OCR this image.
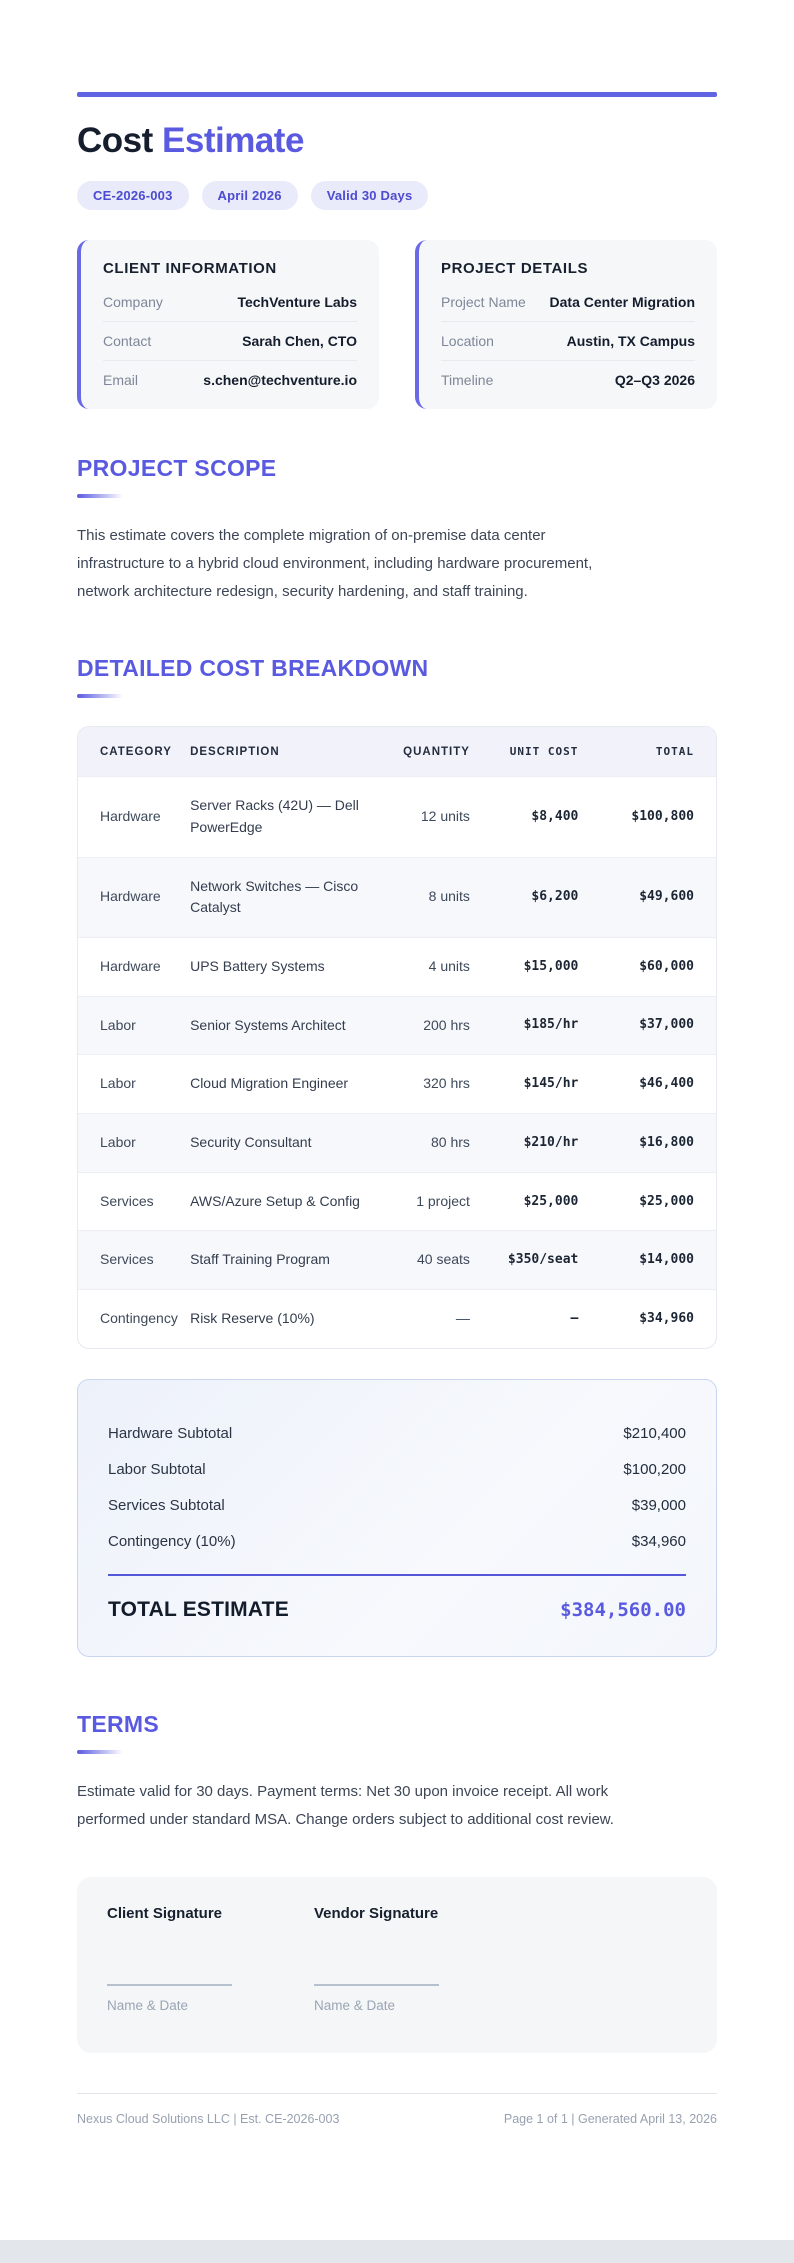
Cost Estimate
CE-2026-003	April 2026	Valid 30 Days
CLIENT INFORMATION
Company	TechVenture Labs
Contact	Sarah Chen, CTO
Email	s.chen@techventure.io
PROJECT DETAILS
Project Name Data Center Migration
Location	Austin, TX Campus
Timeline	Q2–Q3 2026
PROJECT SCOPE

This estimate covers the complete migration of on-premise data center infrastructure to a hybrid cloud environment, including hardware procurement, network architecture redesign, security hardening, and staff training.

DETAILED COST BREAKDOWN
CATEGORY	DESCRIPTION	QUANTITY	UNIT COST	TOTAL
Hardware	Server Racks (42U) — Dell PowerEdge	12 units	$8,400	$100,800
Hardware	Network Switches — Cisco Catalyst	8 units	$6,200	$49,600
Hardware	UPS Battery Systems	4 units	$15,000	$60,000
Labor	Senior Systems Architect	200 hrs	$185/hr	$37,000
Labor	Cloud Migration Engineer	320 hrs	$145/hr	$46,400
Labor	Security Consultant	80 hrs	$210/hr	$16,800
Services	AWS/Azure Setup & Config	1 project	$25,000	$25,000
Services	Staff Training Program	40 seats	$350/seat	$14,000
Contingency	Risk Reserve (10%)	—	–	$34,960
Hardware Subtotal	$210,400
Labor Subtotal	$100,200
Services Subtotal	$39,000
Contingency (10%)	$34,960
TOTAL ESTIMATE	$384,560.00
TERMS

Estimate valid for 30 days. Payment terms: Net 30 upon invoice receipt. All work performed under standard MSA. Change orders subject to additional cost review.

Client Signature
Name & Date
Vendor Signature
Name & Date
Nexus Cloud Solutions LLC | Est. CE-2026-003	Page 1 of 1 | Generated April 13, 2026
